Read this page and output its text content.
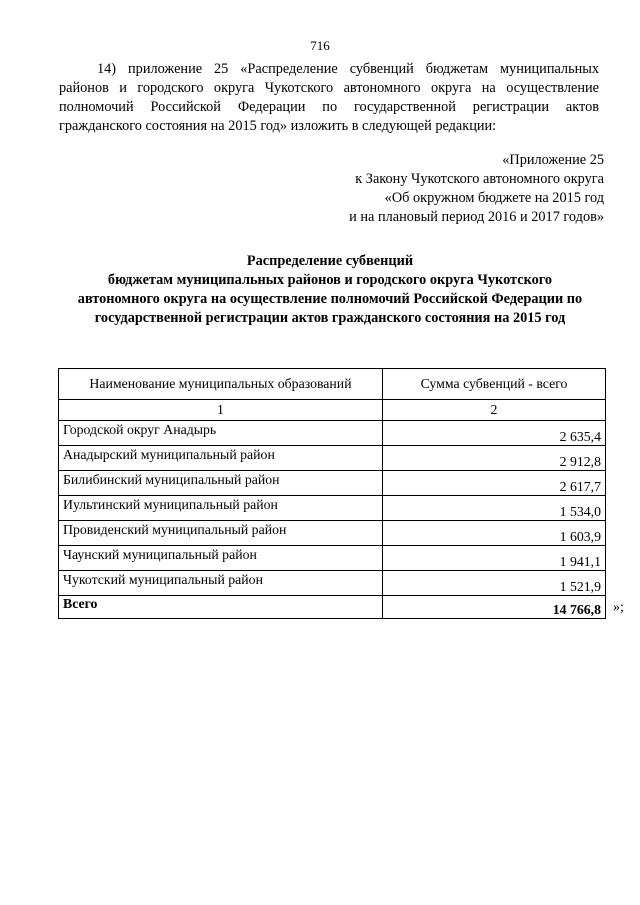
716

14) приложение 25 «Распределение субвенций бюджетам муниципальных районов и городского округа Чукотского автономного округа на осуществление полномочий Российской Федерации по государственной регистрации актов гражданского состояния на 2015 год» изложить в следующей редакции:

«Приложение 25
к Закону Чукотского автономного округа
«Об окружном бюджете на 2015 год
и на плановый период 2016 и 2017 годов»
Распределение субвенций
бюджетам муниципальных районов и городского округа Чукотского
автономного округа на осуществление полномочий Российской Федерации по
государственной регистрации актов гражданского состояния на 2015 год
Наименование муниципальных образований	Сумма субвенций - всего
1	2
Городской округ Анадырь	2 635,4
Анадырский муниципальный район	2 912,8
Билибинский муниципальный район	2 617,7
Иультинский муниципальный район	1 534,0
Провиденский муниципальный район	1 603,9
Чаунский муниципальный район	1 941,1
Чукотский муниципальный район	1 521,9
Всего	14 766,8 »;
